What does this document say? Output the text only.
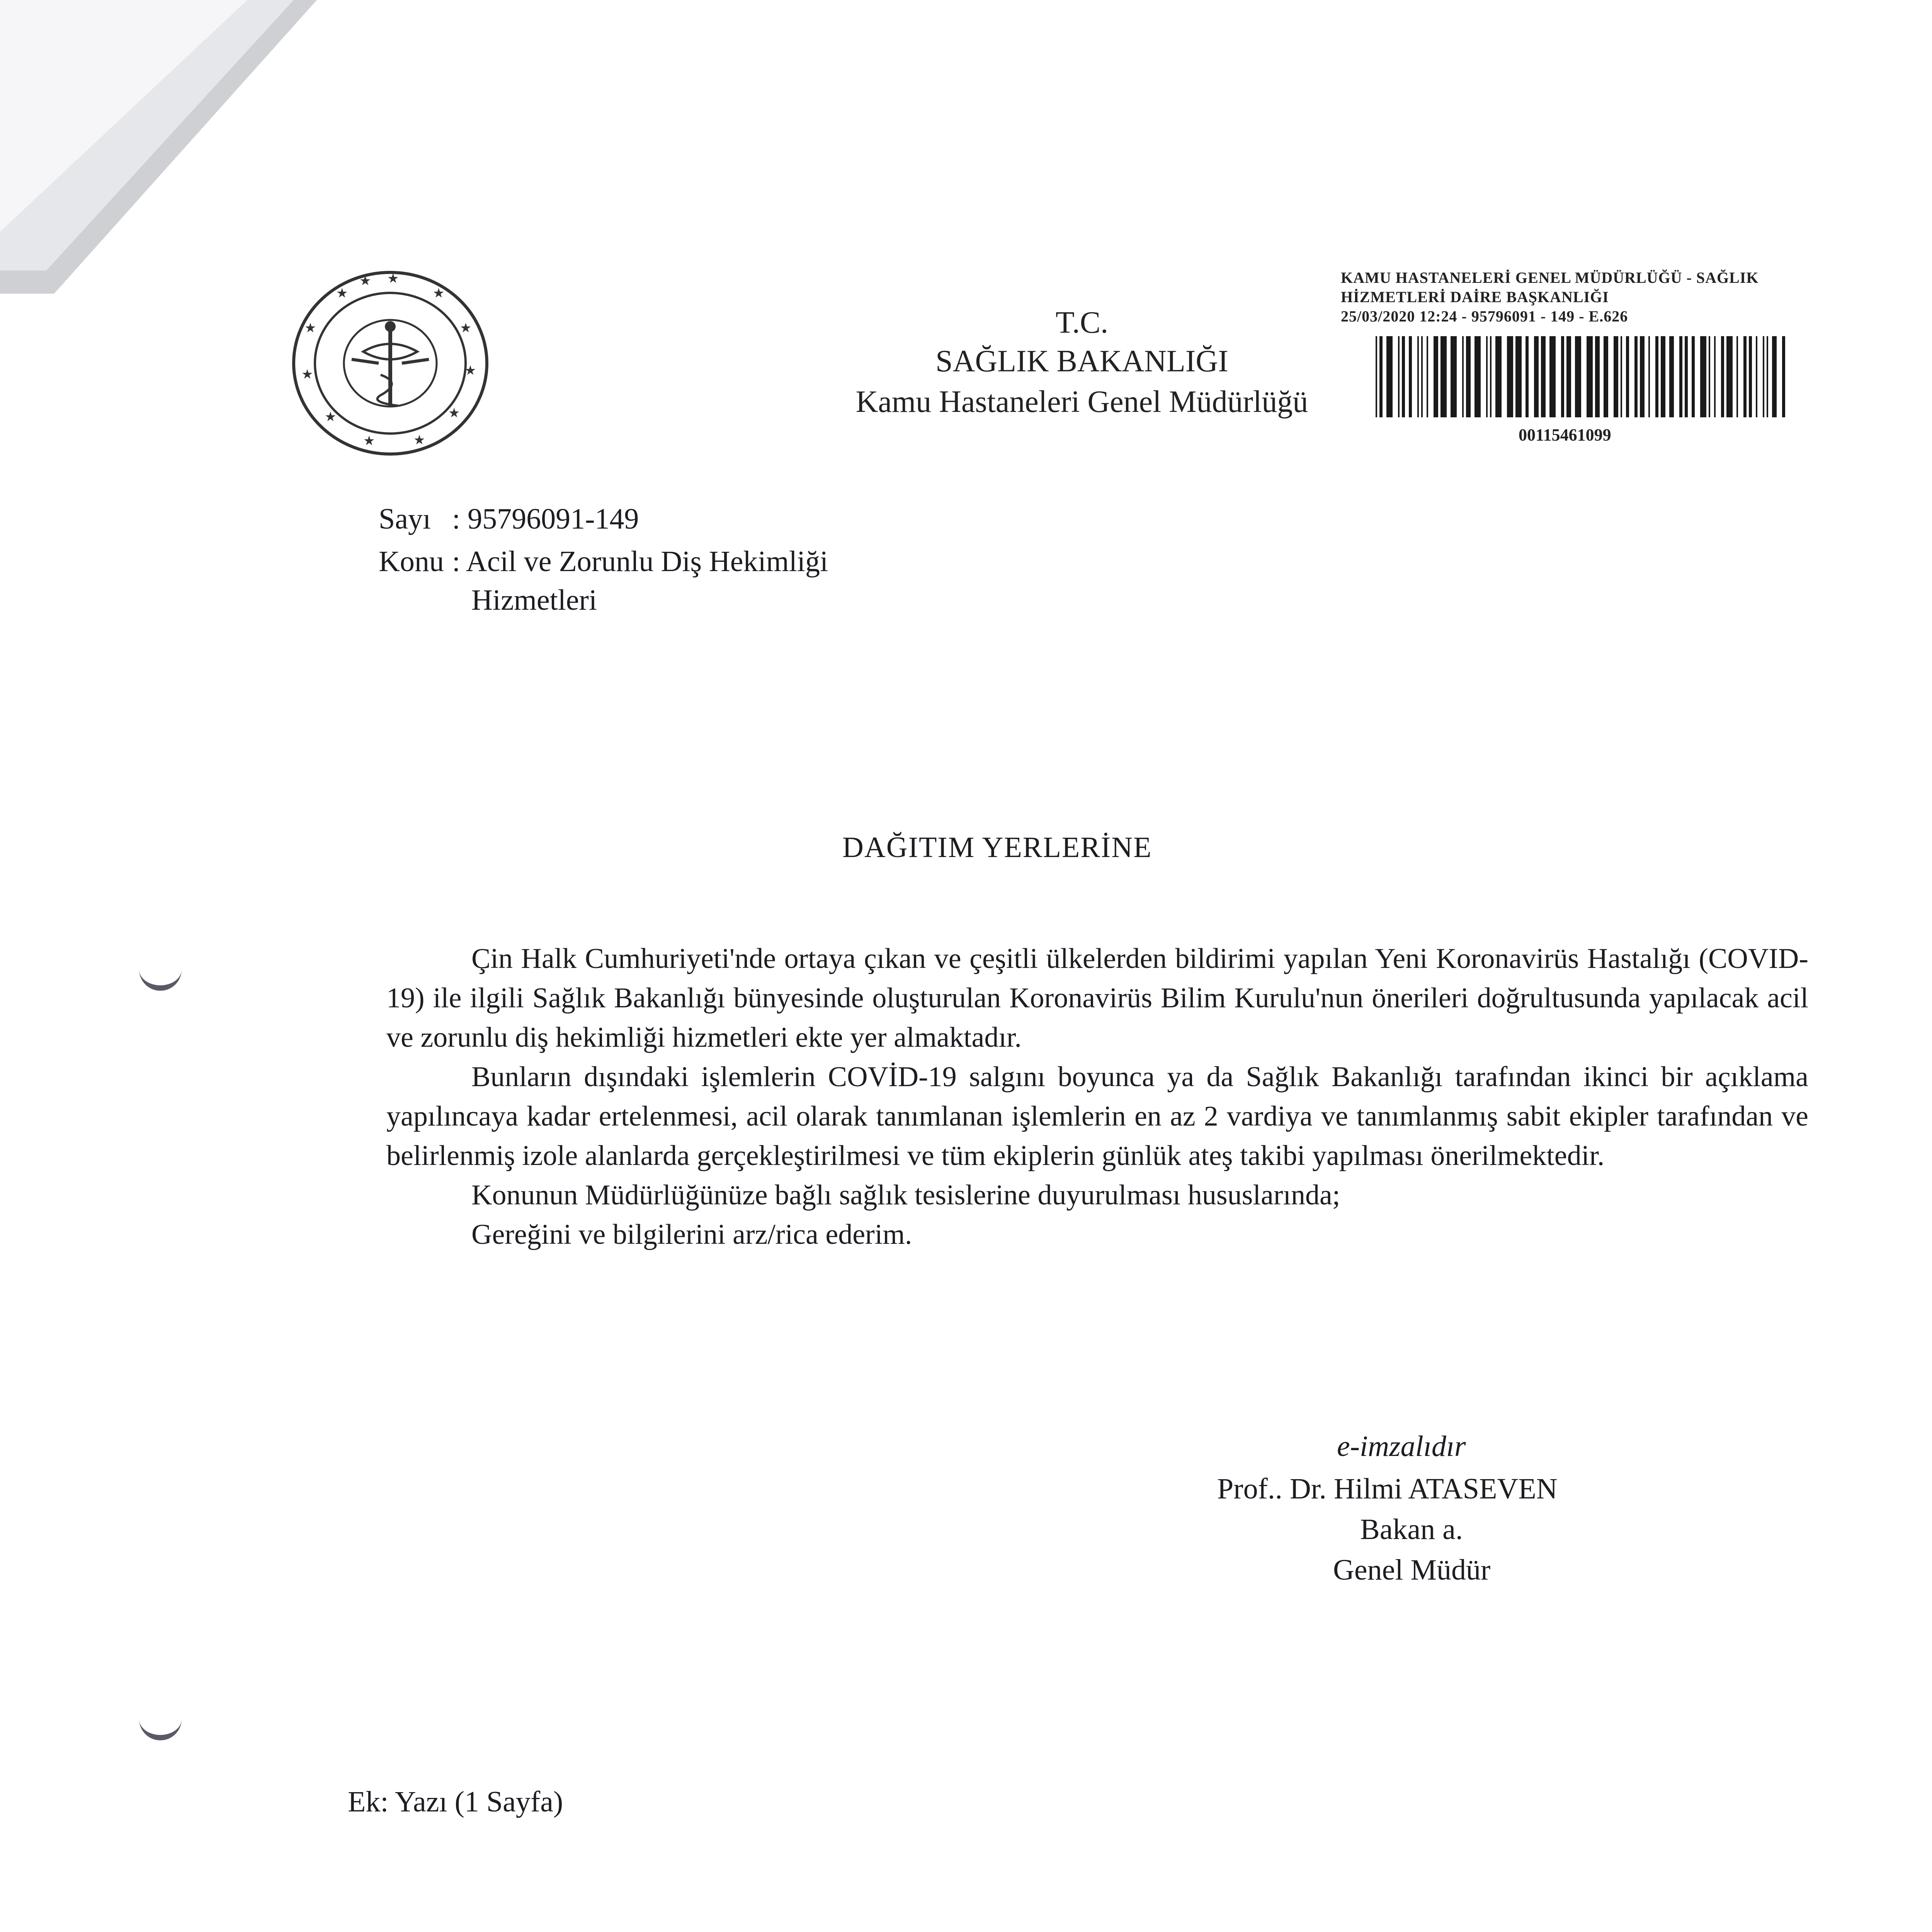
★
★
★
★
★
★
★
★
★
★
★
★
T.C.
SAĞLIK BAKANLIĞI
Kamu Hastaneleri Genel Müdürlüğü
KAMU HASTANELERİ GENEL MÜDÜRLÜĞÜ - SAĞLIK
HİZMETLERİ DAİRE BAŞKANLIĞI
25/03/2020 12:24 - 95796091 - 149 - E.626
00115461099
Sayı : 95796091-149
Konu : Acil ve Zorunlu Diş Hekimliği
Hizmetleri
DAĞITIM YERLERİNE

Çin Halk Cumhuriyeti'nde ortaya çıkan ve çeşitli ülkelerden bildirimi yapılan Yeni Koronavirüs Hastalığı (COVID-19) ile ilgili Sağlık Bakanlığı bünyesinde oluşturulan Koronavirüs Bilim Kurulu'nun önerileri doğrultusunda yapılacak acil ve zorunlu diş hekimliği hizmetleri ekte yer almaktadır.

Bunların dışındaki işlemlerin COVİD-19 salgını boyunca ya da Sağlık Bakanlığı tarafından ikinci bir açıklama yapılıncaya kadar ertelenmesi, acil olarak tanımlanan işlemlerin en az 2 vardiya ve tanımlanmış sabit ekipler tarafından ve belirlenmiş izole alanlarda gerçekleştirilmesi ve tüm ekiplerin günlük ateş takibi yapılması önerilmektedir.

Konunun Müdürlüğünüze bağlı sağlık tesislerine duyurulması hususlarında;

Gereğini ve bilgilerini arz/rica ederim.

e-imzalıdır
Prof.. Dr. Hilmi ATASEVEN
Bakan a.
Genel Müdür
Ek: Yazı (1 Sayfa)
